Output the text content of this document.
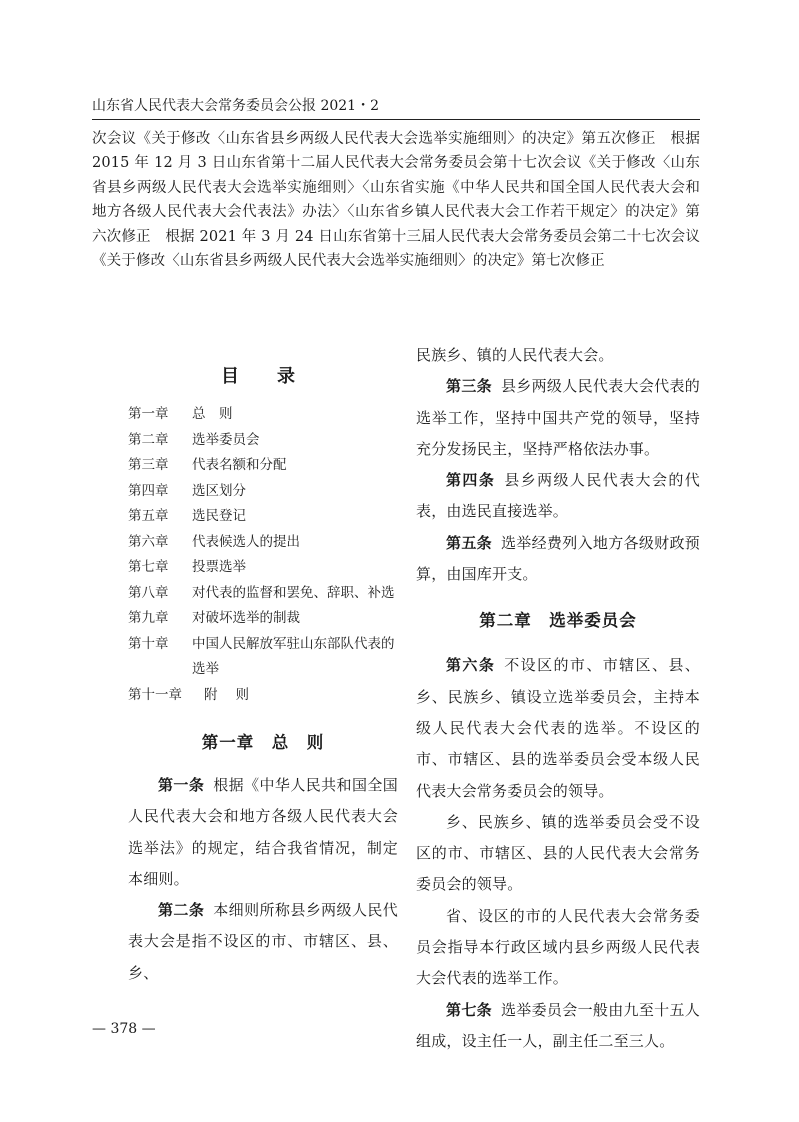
山东省人民代表大会常务委员会公报 2021・2
次会议《关于修改〈山东省县乡两级人民代表大会选举实施细则〉的决定》第五次修正　根据 2015 年 12 月 3 日山东省第十二届人民代表大会常务委员会第十七次会议《关于修改〈山东省县乡两级人民代表大会选举实施细则〉〈山东省实施《中华人民共和国全国人民代表大会和地方各级人民代表大会代表法》办法〉〈山东省乡镇人民代表大会工作若干规定〉的决定》第六次修正　根据 2021 年 3 月 24 日山东省第十三届人民代表大会常务委员会第二十七次会议《关于修改〈山东省县乡两级人民代表大会选举实施细则〉的决定》第七次修正
目　录
第一章	总　则
第二章	选举委员会
第三章	代表名额和分配
第四章	选区划分
第五章	选民登记
第六章	代表候选人的提出
第七章	投票选举
第八章	对代表的监督和罢免、辞职、补选
第九章	对破坏选举的制裁
第十章	中国人民解放军驻山东部队代表的选举
第十一章	附则
第一章　总　则

第一条 根据《中华人民共和国全国人民代表大会和地方各级人民代表大会选举法》的规定，结合我省情况，制定本细则。

第二条 本细则所称县乡两级人民代表大会是指不设区的市、市辖区、县、乡、

民族乡、镇的人民代表大会。

第三条 县乡两级人民代表大会代表的选举工作，坚持中国共产党的领导，坚持充分发扬民主，坚持严格依法办事。

第四条 县乡两级人民代表大会的代表，由选民直接选举。

第五条 选举经费列入地方各级财政预算，由国库开支。

第二章　选举委员会

第六条 不设区的市、市辖区、县、乡、民族乡、镇设立选举委员会，主持本级人民代表大会代表的选举。不设区的市、市辖区、县的选举委员会受本级人民代表大会常务委员会的领导。

乡、民族乡、镇的选举委员会受不设区的市、市辖区、县的人民代表大会常务委员会的领导。

省、设区的市的人民代表大会常务委员会指导本行政区域内县乡两级人民代表大会代表的选举工作。

第七条 选举委员会一般由九至十五人组成，设主任一人，副主任二至三人。

— 378 —
